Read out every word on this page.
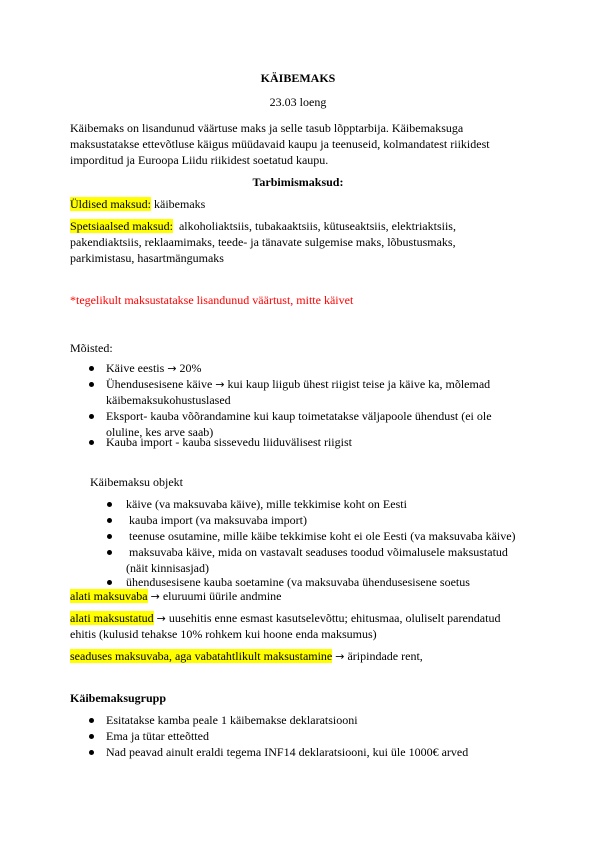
KÄIBEMAKS
23.03 loeng
Käibemaks on lisandunud väärtuse maks ja selle tasub lõpptarbija. Käibemaksuga
maksustatakse ettevõtluse käigus müüdavaid kaupu ja teenuseid, kolmandatest riikidest
imporditud ja Euroopa Liidu riikidest soetatud kaupu.
Tarbimismaksud:
Üldised maksud: käibemaks
Spetsiaalsed maksud:  alkoholiaktsiis, tubakaaktsiis, kütuseaktsiis, elektriaktsiis,
pakendiaktsiis, reklaamimaks, teede- ja tänavate sulgemise maks, lõbustusmaks,
parkimistasu, hasartmängumaks
*tegelikult maksustatakse lisandunud väärtust, mitte käivet
Mõisted:
Käive eestis → 20%
Ühendusesisene käive → kui kaup liigub ühest riigist teise ja käive ka, mõlemad
käibemaksukohustuslased
Eksport- kauba võõrandamine kui kaup toimetatakse väljapoole ühendust (ei ole
oluline, kes arve saab)
Kauba import - kauba sissevedu liiduvälisest riigist
Käibemaksu objekt
käive (va maksuvaba käive), mille tekkimise koht on Eesti
kauba import (va maksuvaba import)
teenuse osutamine, mille käibe tekkimise koht ei ole Eesti (va maksuvaba käive)
maksuvaba käive, mida on vastavalt seaduses toodud võimalusele maksustatud
(näit kinnisasjad)
ühendusesisene kauba soetamine (va maksuvaba ühendusesisene soetus
alati maksuvaba → eluruumi üürile andmine
alati maksustatud → uusehitis enne esmast kasutselevõttu; ehitusmaa, oluliselt parendatud
ehitis (kulusid tehakse 10% rohkem kui hoone enda maksumus)
seaduses maksuvaba, aga vabatahtlikult maksustamine → äripindade rent,
Käibemaksugrupp
Esitatakse kamba peale 1 käibemakse deklaratsiooni
Ema ja tütar etteõtted
Nad peavad ainult eraldi tegema INF14 deklaratsiooni, kui üle 1000€ arved
